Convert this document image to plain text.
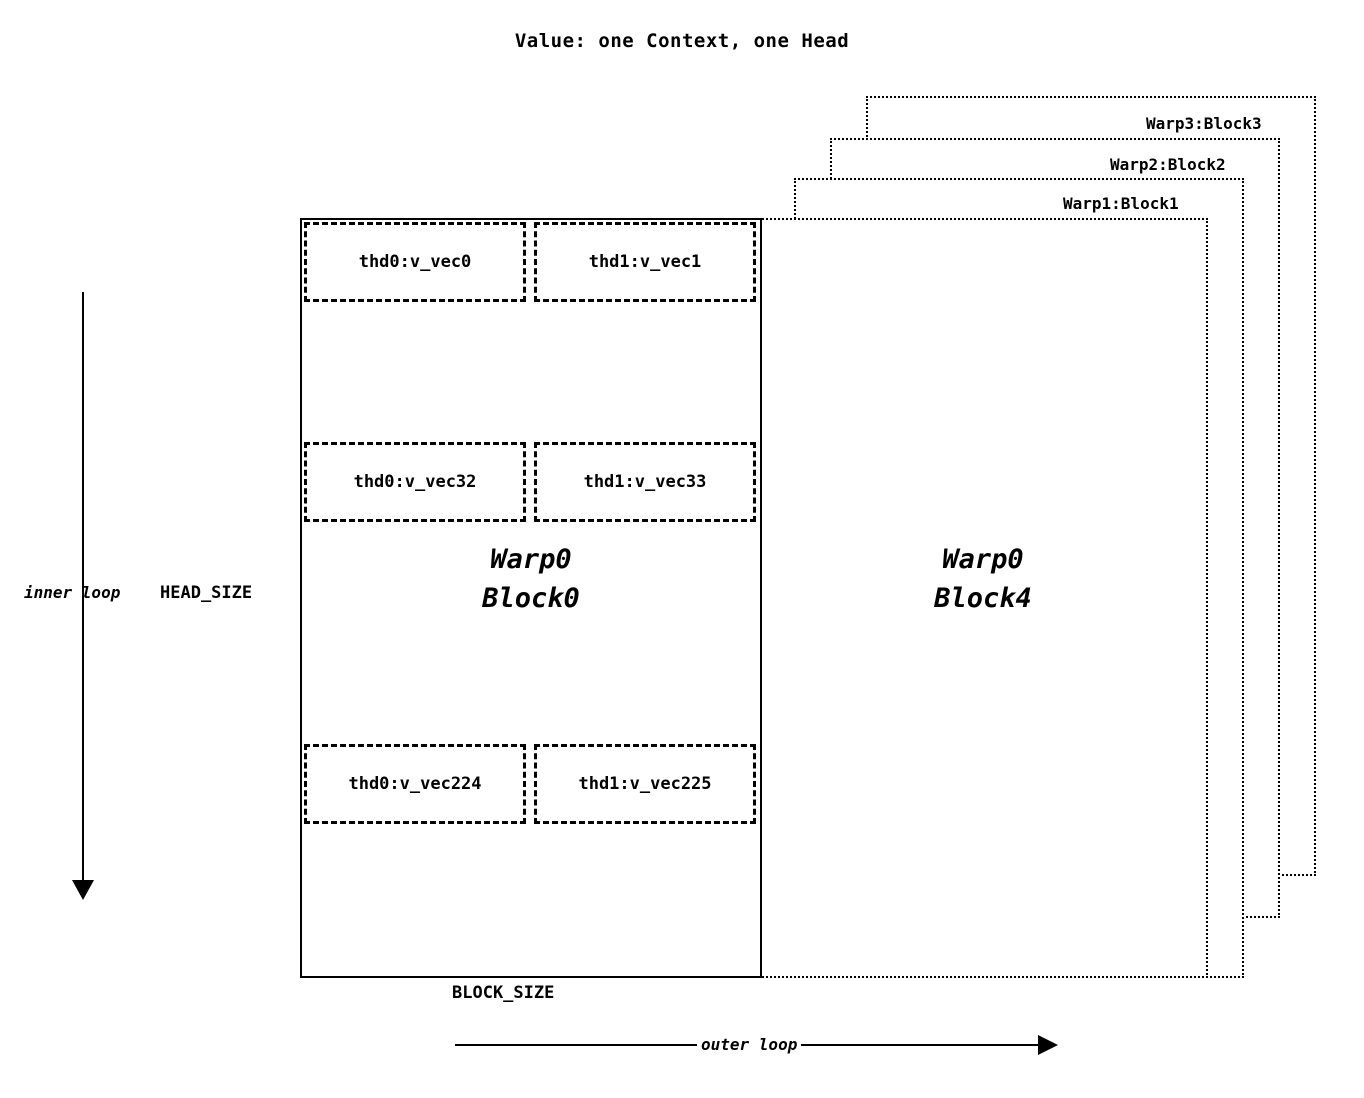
Value: one Context, one Head
Warp3:Block3
Warp2:Block2
Warp1:Block1
Warp0
Block4
thd0:v_vec0	thd1:v_vec1
thd0:v_vec32	thd1:v_vec33
Warp0
Block0
thd0:v_vec224	thd1:v_vec225
inner loop HEAD_SIZE
BLOCK_SIZE
outer loop
